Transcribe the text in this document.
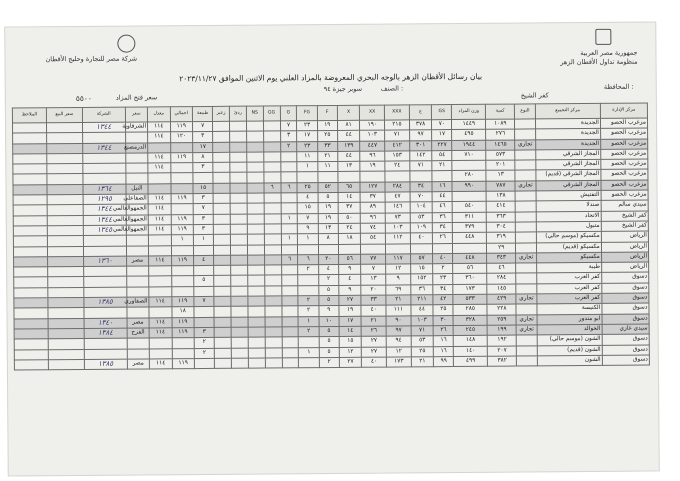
شركة مصر للتجارة وحليج الأقطان
جمهورية مصر العربية
منظومة تداول الأقطان الزهر
بيان رسائل الأقطان الزهر بالوجه البحري المعروضة بالمزاد العلني يوم الاثنين الموافق ٢٠٢٣/١١/٢٧
الصنف :
سوبر جيزة ٩٤	المحافظة :
كفر الشيخ
سعر فتح المزاد
٥٥٠٠
مركز الإدارة	مركز التجميع	النوع	كمية	وزن المزاد	GS	ع	XXX	XX	X	F	FG	G	GG	NS	ردئ	زعبر	طبيعة	اجمالي	معدل	سعر	الشركة	سعر البيع	الملاحظ
مزغرب الحصو	الجديدة		١٠٨٩	١٤٤٩	٧٠	٣٧٨	٢١٥	١٩٠	٨١	١٩	٢٣	٧					٧	١١٩	١١٤	الشرقاوية	١٣٤٤		
مزغرب الحصو	الجديدة		٢٧٦	٤٩٥	١٧	٩٧	٧١	١٠٣	٤٤	٢٥	١٧	٣					٣	١٢٠	١١٤				
مزغرب الحصو	الجديدة	تجاري	١٤٦٥	١٩٤٤	٢٢٧	٣٠١	٤١٢	٤٤٧	١٣٩	٣٣	٢٣	٢					١٧			الدرمصنع	١٣٤٤		
مزغرب الحصو	المجاز الشرقي		٥٧٣	٧١٠	٥٤	١٤٢	١٥٣	٩٦	٤٤	٢١	١١						٨	١١٩	١١٤				
مزغرب الحصو	المجاز الشرقي		٢٠١		٢١	٧١	٢٤	١٩	١٣	١١	١						٣		١١٤				
مزغرب الحصو	المجاز الشرقي (قديم)		١٣	٢٨٠																			
مزغرب الحصو	المجاز الشرقي	تجاري	٧٨٧	٩٩٠	١٦	٣٤	٢٨٤	١٢٧	٦٥	٥٢	٢٥	٦	٦				١٥			النيل	١٣٦٤		
مزغرب الحصو	التفتيش		١٣٨		٤٤	٧٠	٤٧	٣٧	١٤	٥	٤						٣	١١٩	١١٤	الصفاعلى	١٢٩٥		
سيدي سالم	صندلا		٤١٤	٥٤٠	٤٦	١٠٤	١٤٦	٨٩	٣٧	١٩	١٥						٧		١١٤	الجمهوالعالمي	١٣٤٤		
كفر الشيخ	الاتحاد		٣٦٣	٣١١	٣٦	٥٣	٧٣	٩٦	٥٠	١٩	٧	١					٣	١١٩	١١٤	الجمهوالعالمي	١٣٤٤		
كفر الشيخ	متبول		٣٠٤	٣٧٩	٣٤	١٠٩	١٠٣	٧٤	٢٤	١٣	٩						٣	١١٩	١١٤	الجمهوالعالمي	١٣٤٥		
الرياض	مكسيكو (موسم حالي)		٣١٩	٤٤٨	٢٦	٤٠	١١٢	٥٤	١٨	٨	١	١					١	١					
الرياض	مكسيكو (قديم)		٢٩																				
الرياض	مكسيكو	تجاري	٣٤٣	٤٤٨	٤٠	٥٧	١١٧	٧٧	٥٦	٢٠	٦	٦					٤	١١٩	١١٤	مصر	١٣٦٠		
الرياض	طيبة		٤٦	٥٦	٢	١٥	١٢	٧	٩	٤	٢												
دسوق	كفر العرب		٢٨٤	٣٦٠	٢٣	١٥٢	٩	١٣	٤	٢							٥						
دسوق	كفر العرب		١٤٥	١٧٣	٣٤	٣٦	٦٩	٢٠	٩	٥													
دسوق	كفر العرب	تجاري	٤٢٩	٥٣٣	٤٢	٢١١	٢١	٣٣	٢٧	٥	٢						٧	١١٩	١١٤	الصفاوري	١٣٨٥		
دسوق	الكنيسة		٢٢٨	٢٨٥	٢٥	٤٤	١١١	٤٠	١٩	٩	٢							١٨					
دسوق	ابو مندور	تجاري	٢٥٩	٣٢٨	٣٠	١٠٣	٩٠	٢١	١٧	١٠	١							١١٩	١١٤	مصر	١٣٤٠		
سيدي غازي	الخوالد	تجاري	١٩٩	٢٤٥	٢٦	٧١	٩٧	٢٦	١٤	٥	٢						٣	١١٩	١١٤	الفرح	١٣٨٤		
دسوق	الشون (موسم حالي)		١٩٢	١٤٨	١٦	٥٣	٩٤	٢٧	١٥	٥							٢						
دسوق	الشون (قديم)		٢٠٧	١٤٠	١٦	٢٥	١٢	٢٧	١٢	٥	١						٢						
دسوق	الشون		٣٨٢	٤٩٩	٩٩	٢١	١٧٣	٤٠	٢٧	٢								١١٩	١١٤	مصر	١٣٨٥		
